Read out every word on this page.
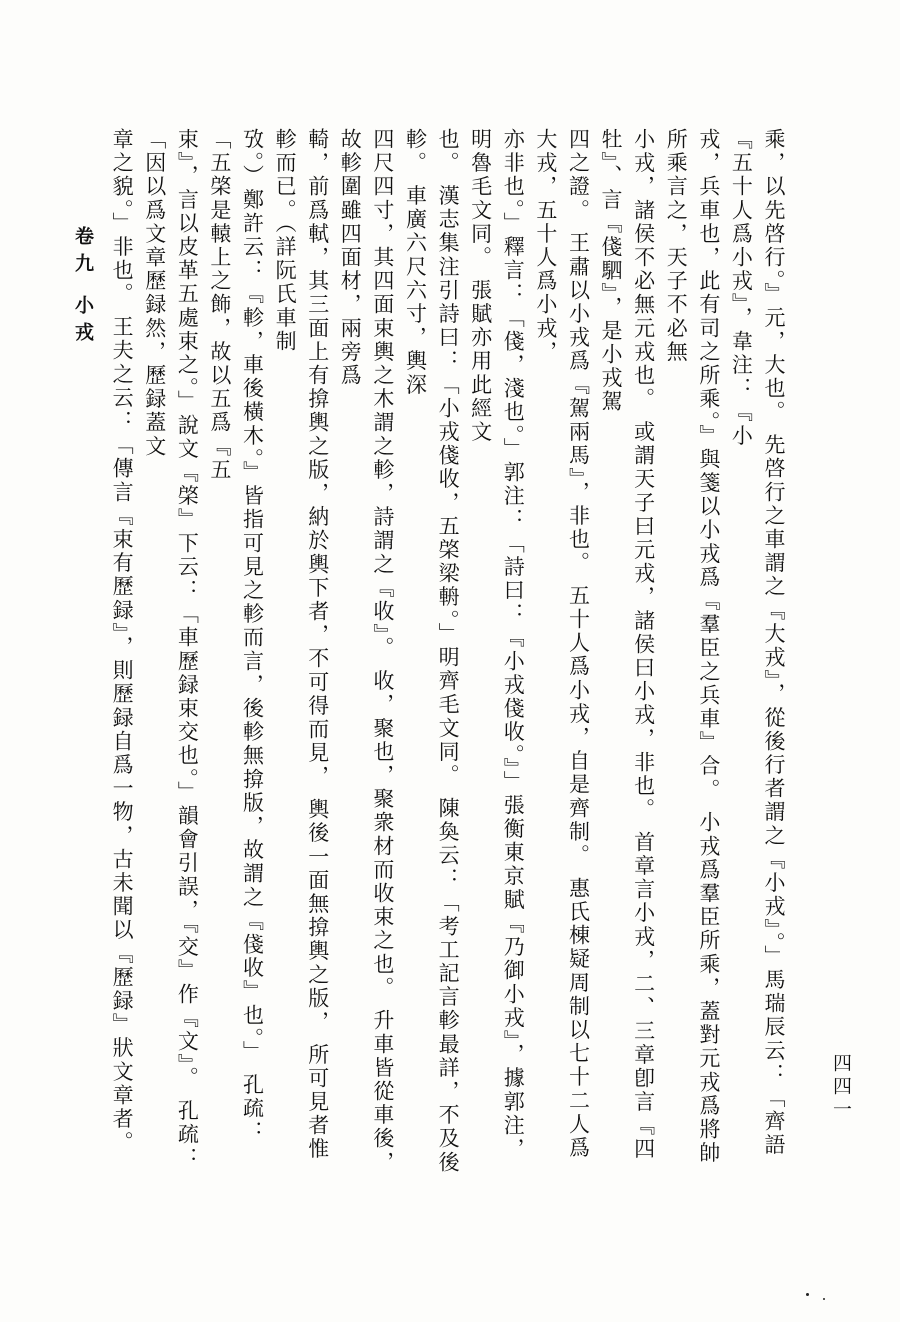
乘，以先啓行。』元，大也。 先啓行之車謂之『大戎』，從後行者謂之『小戎』。」馬瑞辰云：「齊語『五十人爲小戎』，韋注：『小

戎，兵車也，此有司之所乘。』與箋以小戎爲『羣臣之兵車』合。 小戎爲羣臣所乘，蓋對元戎爲將帥所乘言之，天子不必無

小戎，諸侯不必無元戎也。 或謂天子曰元戎，諸侯曰小戎，非也。 首章言小戎，二、三章卽言『四牡』、言『俴駟』，是小戎駕

四之證。 王肅以小戎爲『駕兩馬』，非也。 五十人爲小戎，自是齊制。 惠氏棟疑周制以七十二人爲大戎，五十人爲小戎，

亦非也。」釋言：「俴，淺也。」郭注：「詩曰：『小戎俴收。』」張衡東京賦『乃御小戎』，據郭注，明魯毛文同。 張賦亦用此經文

也。 漢志集注引詩曰：「小戎俴收，五棨梁輈。」明齊毛文同。 陳奐云：「考工記言軫最詳，不及後軫。 車廣六尺六寸，輿深

四尺四寸，其四面束輿之木謂之軫，詩謂之『收』。 收，聚也，聚衆材而收束之也。 升車皆從車後，故軫圍雖四面材，兩旁爲

輢，前爲軾，其三面上有揜輿之版，納於輿下者，不可得而見， 輿後一面無揜輿之版， 所可見者惟軫而已。（詳阮氏車制

攷。）鄭許云：『軫，車後橫木。』皆指可見之軫而言，後軫無揜版，故謂之『俴收』也。」 孔疏：「五棨是轅上之飾，故以五爲『五

束』，言以皮革五處束之。」說文『棨』下云：「車歷録束交也。」韻會引誤，『交』作『文』。 孔疏：「因以爲文章歷録然，歷録蓋文

章之貌。」非也。 王夫之云：「傳言『束有歷録』，則歷録自爲一物，古未聞以『歷録』狀文章者。

卷九 小戎
四四一
